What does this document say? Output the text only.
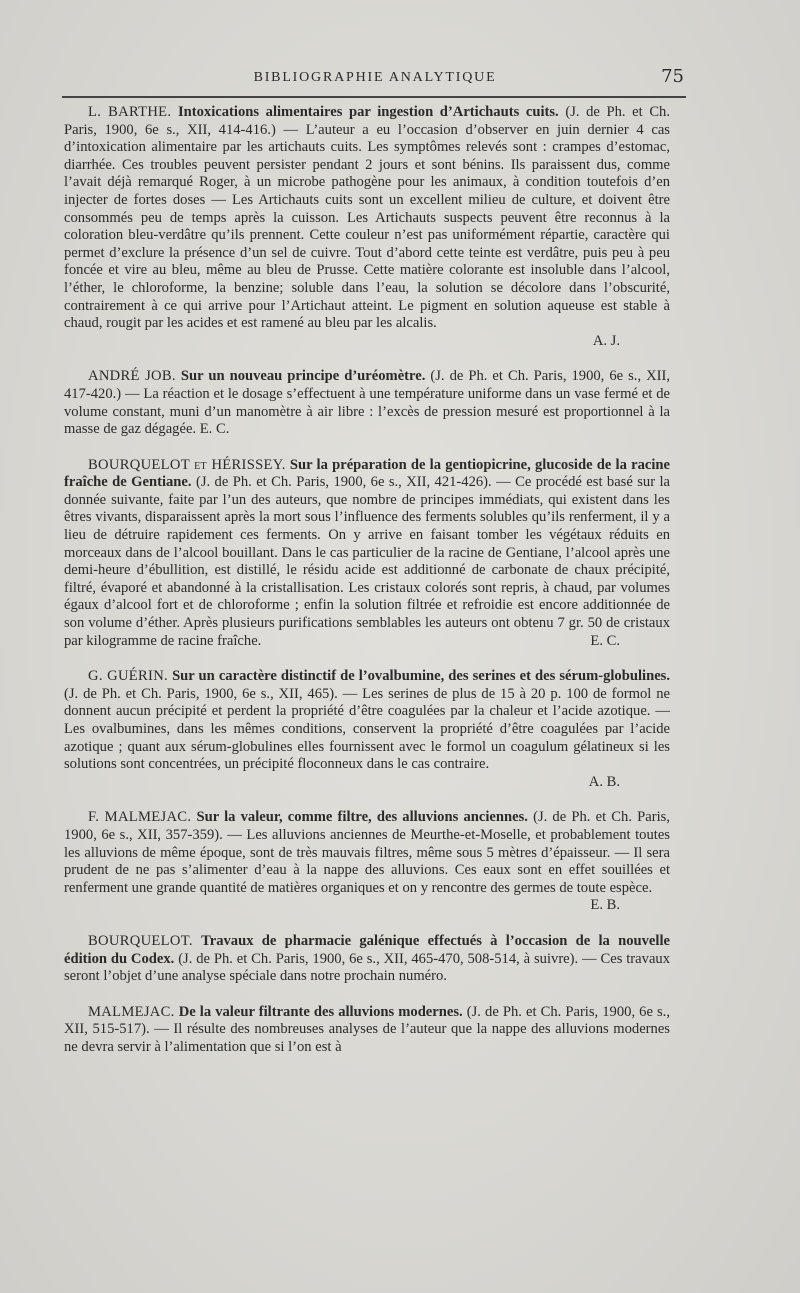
BIBLIOGRAPHIE ANALYTIQUE	75

L. BARTHE. Intoxications alimentaires par ingestion d’Artichauts cuits. (J. de Ph. et Ch. Paris, 1900, 6e s., XII, 414-416.) — L’auteur a eu l’occasion d’observer en juin dernier 4 cas d’intoxication alimentaire par les artichauts cuits. Les symptômes relevés sont : crampes d’estomac, diarrhée. Ces troubles peuvent persister pendant 2 jours et sont bénins. Ils paraissent dus, comme l’avait déjà remarqué Roger, à un microbe pathogène pour les animaux, à condition toutefois d’en injecter de fortes doses — Les Artichauts cuits sont un excellent milieu de culture, et doivent être consommés peu de temps après la cuisson. Les Artichauts suspects peuvent être reconnus à la coloration bleu-verdâtre qu’ils prennent. Cette couleur n’est pas uniformément répartie, caractère qui permet d’exclure la présence d’un sel de cuivre. Tout d’abord cette teinte est verdâtre, puis peu à peu foncée et vire au bleu, même au bleu de Prusse. Cette matière colorante est insoluble dans l’alcool, l’éther, le chloroforme, la benzine; soluble dans l’eau, la solution se décolore dans l’obscurité, contrairement à ce qui arrive pour l’Artichaut atteint. Le pigment en solution aqueuse est stable à chaud, rougit par les acides et est ramené au bleu par les alcalis.

A. J.

ANDRÉ JOB. Sur un nouveau principe d’uréomètre. (J. de Ph. et Ch. Paris, 1900, 6e s., XII, 417-420.) — La réaction et le dosage s’effectuent à une température uniforme dans un vase fermé et de volume constant, muni d’un manomètre à air libre : l’excès de pression mesuré est proportionnel à la masse de gaz dégagée. E. C.

BOURQUELOT et HÉRISSEY. Sur la préparation de la gentiopicrine, glucoside de la racine fraîche de Gentiane. (J. de Ph. et Ch. Paris, 1900, 6e s., XII, 421-426). — Ce procédé est basé sur la donnée suivante, faite par l’un des auteurs, que nombre de principes immédiats, qui existent dans les êtres vivants, disparaissent après la mort sous l’influence des ferments solubles qu’ils renferment, il y a lieu de détruire rapidement ces ferments. On y arrive en faisant tomber les végétaux réduits en morceaux dans de l’alcool bouillant. Dans le cas particulier de la racine de Gentiane, l’alcool après une demi-heure d’ébullition, est distillé, le résidu acide est additionné de carbonate de chaux précipité, filtré, évaporé et abandonné à la cristallisation. Les cristaux colorés sont repris, à chaud, par volumes égaux d’alcool fort et de chloroforme ; enfin la solution filtrée et refroidie est encore additionnée de son volume d’éther. Après plusieurs purifications semblables les auteurs ont obtenu 7 gr. 50 de cristaux par kilogramme de racine fraîche.	E. C.

G. GUÉRIN. Sur un caractère distinctif de l’ovalbumine, des serines et des sérum-globulines. (J. de Ph. et Ch. Paris, 1900, 6e s., XII, 465). — Les serines de plus de 15 à 20 p. 100 de formol ne donnent aucun précipité et perdent la propriété d’être coagulées par la chaleur et l’acide azotique. — Les ovalbumines, dans les mêmes conditions, conservent la propriété d’être coagulées par l’acide azotique ; quant aux sérum-globulines elles fournissent avec le formol un coagulum gélatineux si les solutions sont concentrées, un précipité floconneux dans le cas contraire.

A. B.

F. MALMEJAC. Sur la valeur, comme filtre, des alluvions anciennes. (J. de Ph. et Ch. Paris, 1900, 6e s., XII, 357-359). — Les alluvions anciennes de Meurthe-et-Moselle, et probablement toutes les alluvions de même époque, sont de très mauvais filtres, même sous 5 mètres d’épaisseur. — Il sera prudent de ne pas s’alimenter d’eau à la nappe des alluvions. Ces eaux sont en effet souillées et renferment une grande quantité de matières organiques et on y rencontre des germes de toute espèce.

E. B.

BOURQUELOT. Travaux de pharmacie galénique effectués à l’occasion de la nouvelle édition du Codex. (J. de Ph. et Ch. Paris, 1900, 6e s., XII, 465-470, 508-514, à suivre). — Ces travaux seront l’objet d’une analyse spéciale dans notre prochain numéro.

MALMEJAC. De la valeur filtrante des alluvions modernes. (J. de Ph. et Ch. Paris, 1900, 6e s., XII, 515-517). — Il résulte des nombreuses analyses de l’auteur que la nappe des alluvions modernes ne devra servir à l’alimentation que si l’on est à
